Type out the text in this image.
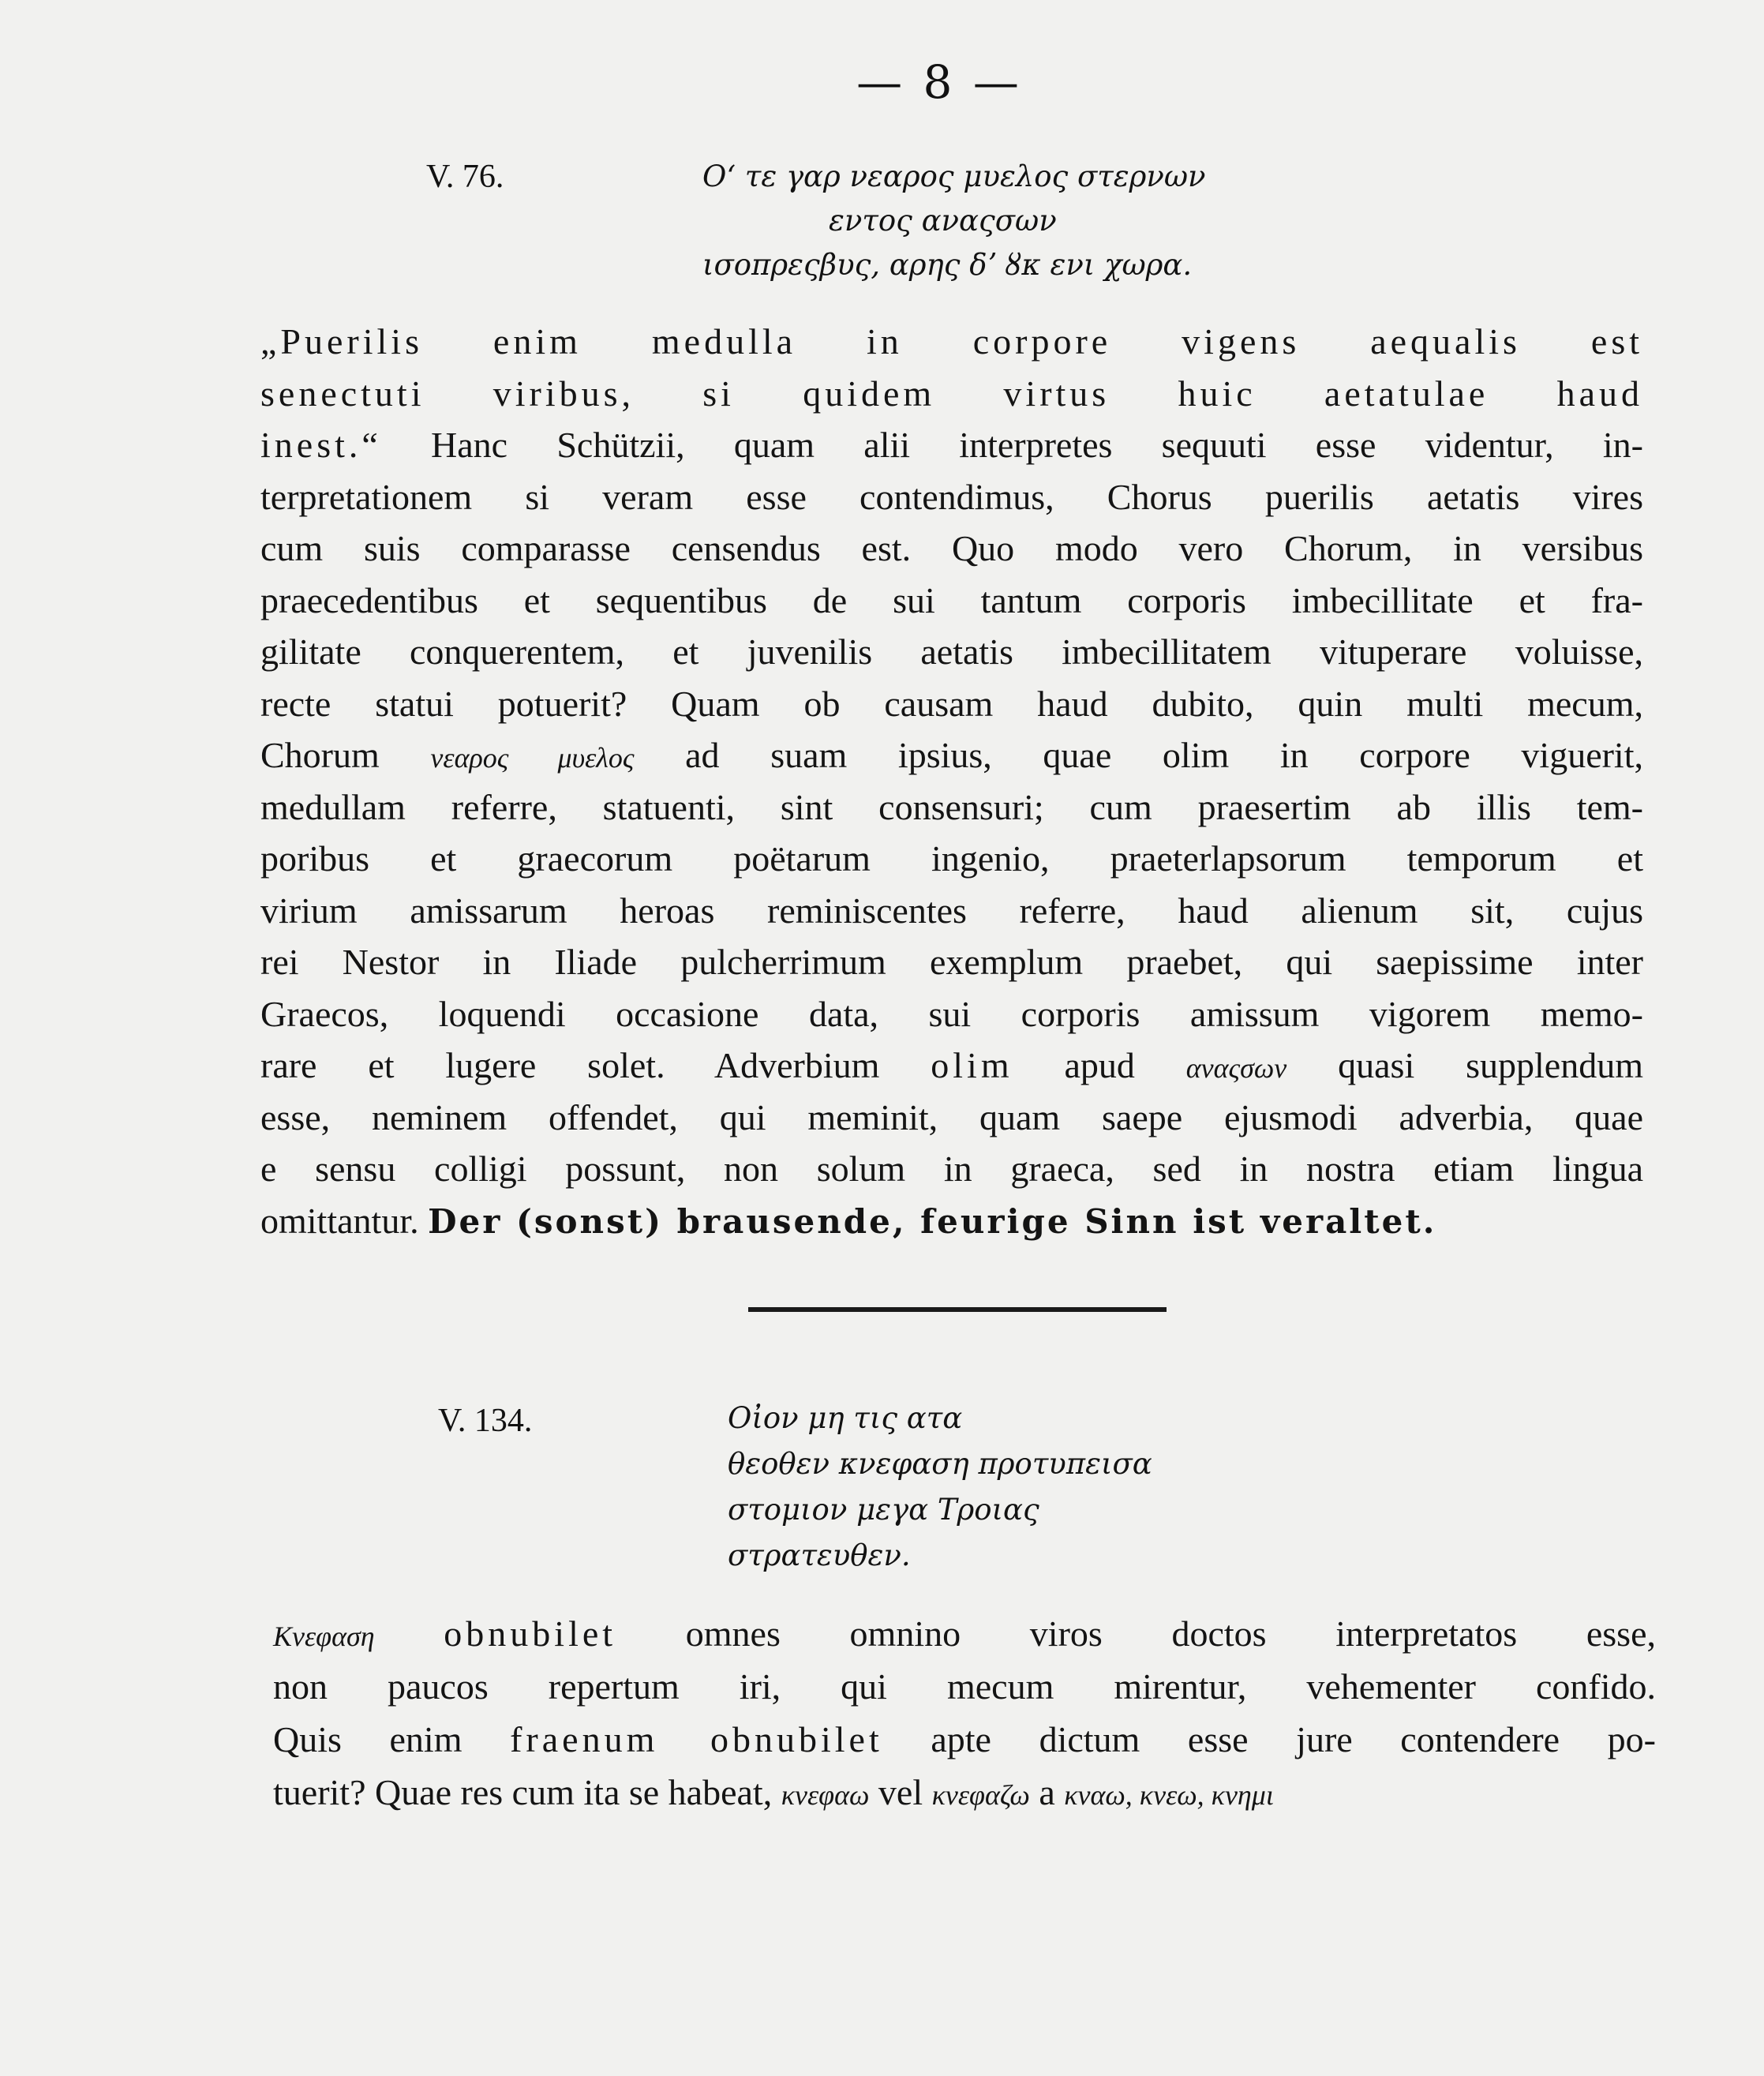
— 8 —
V. 76.	Οʻ τε γαρ νεαρος μυελος στερνων
εντος αναςσων
ισοπρεςβυς, αρης δʼ ȣκ ενι χωρα.
„Puerilis enim medulla in corpore vigens aequalis est
senectuti viribus, si quidem virtus huic aetatulae haud
inest.“ Hanc Schützii, quam alii interpretes sequuti esse videntur, in-
terpretationem si veram esse contendimus, Chorus puerilis aetatis vires
cum suis comparasse censendus est. Quo modo vero Chorum, in versibus
praecedentibus et sequentibus de sui tantum corporis imbecillitate et fra-
gilitate conquerentem, et juvenilis aetatis imbecillitatem vituperare voluisse,
recte statui potuerit? Quam ob causam haud dubito, quin multi mecum,
Chorum νεαρος μυελος ad suam ipsius, quae olim in corpore viguerit,
medullam referre, statuenti, sint consensuri; cum praesertim ab illis tem-
poribus et graecorum poëtarum ingenio, praeterlapsorum temporum et
virium amissarum heroas reminiscentes referre, haud alienum sit, cujus
rei Nestor in Iliade pulcherrimum exemplum praebet, qui saepissime inter
Graecos, loquendi occasione data, sui corporis amissum vigorem memo-
rare et lugere solet. Adverbium olim apud αναςσων quasi supplendum
esse, neminem offendet, qui meminit, quam saepe ejusmodi adverbia, quae
e sensu colligi possunt, non solum in graeca, sed in nostra etiam lingua
omittantur. Der (sonst) brausende, feurige Sinn ist veraltet.
V. 134.	Οἰον μη τις ατα
θεοθεν κνεφαση προτυπεισα
στομιον μεγα Τροιας
στρατευθεν.
Κνεφαση obnubilet omnes omnino viros doctos interpretatos esse,
non paucos repertum iri, qui mecum mirentur, vehementer confido.
Quis enim fraenum obnubilet apte dictum esse jure contendere po-
tuerit? Quae res cum ita se habeat, κνεφαω vel κνεφαζω a κναω, κνεω, κνημι
